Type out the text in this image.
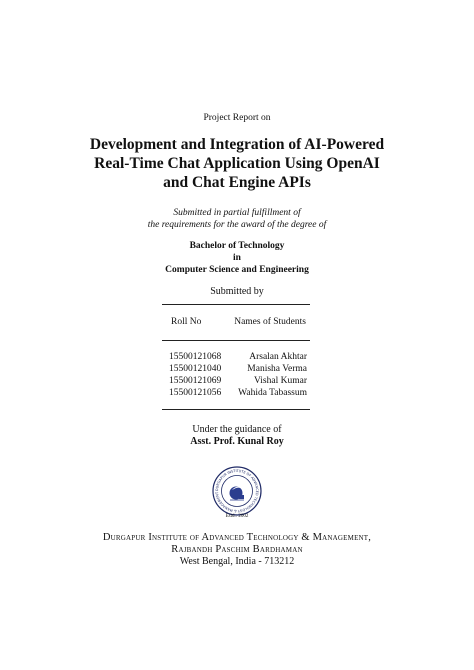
Project Report on
Development and Integration of AI-Powered
Real-Time Chat Application Using OpenAI
and Chat Engine APIs
Submitted in partial fulfillment of
the requirements for the award of the degree of
Bachelor of Technology
in
Computer Science and Engineering
Submitted by
Roll No	Names of Students
15500121068	Arsalan Akhtar
15500121040	Manisha Verma
15500121069	Vishal Kumar
15500121056 Wahida Tabassum
Under the guidance of
Asst. Prof. Kunal Roy
DURGAPUR INSTITUTE OF ADVANCED TECHNOLOGY & MANAGEMENT
Estd.: 2002
Durgapur Institute of Advanced Technology & Management,
Rajbandh Paschim Bardhaman
West Bengal, India - 713212
